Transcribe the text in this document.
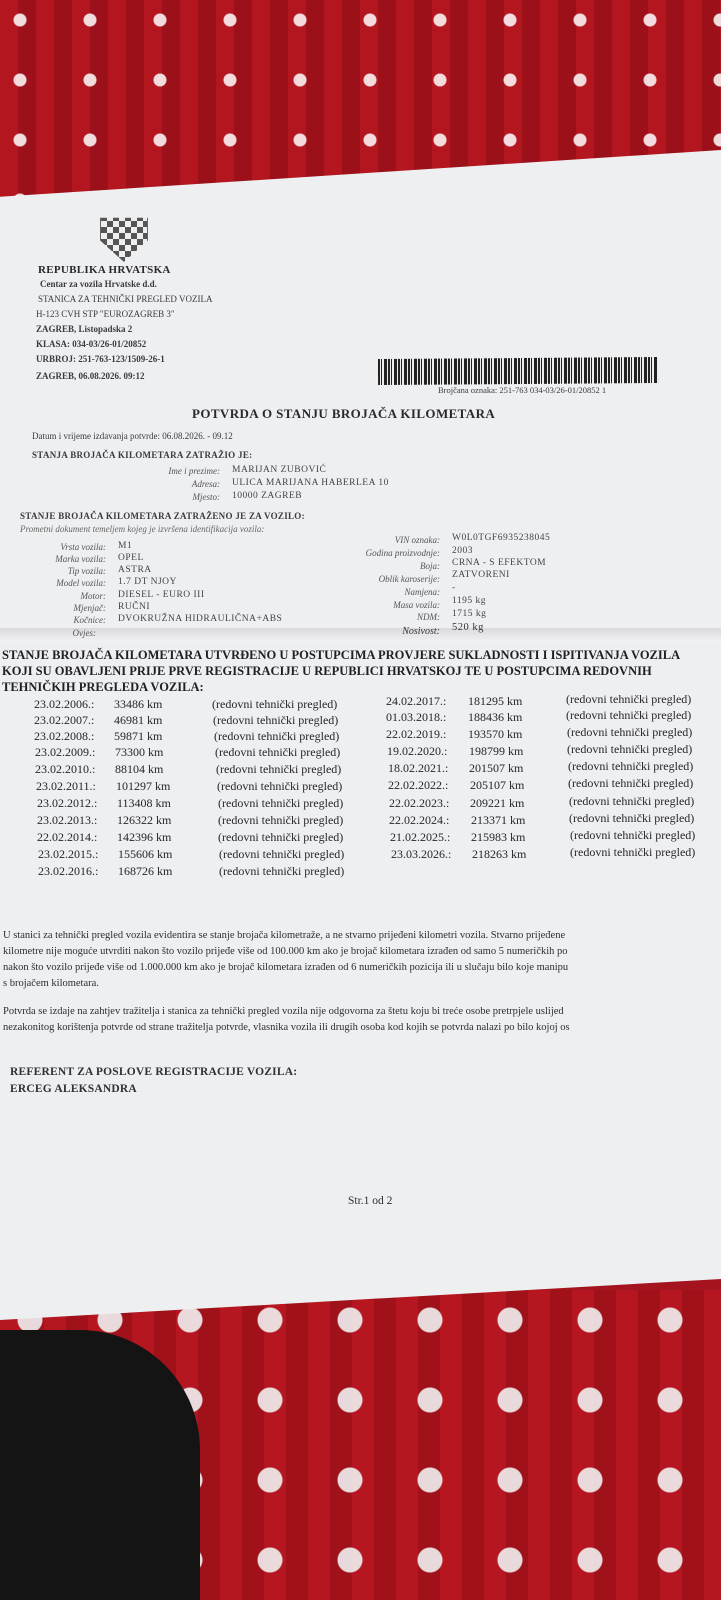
REPUBLIKA HRVATSKA
Centar za vozila Hrvatske d.d.
STANICA ZA TEHNIČKI PREGLED VOZILA
H-123 CVH STP "EUROZAGREB 3"
ZAGREB, Listopadska 2
KLASA: 034-03/26-01/20852
URBROJ: 251-763-123/1509-26-1
ZAGREB, 06.08.2026. 09:12
Brojčana oznaka: 251-763 034-03/26-01/20852 1
POTVRDA O STANJU BROJAČA KILOMETARA
Datum i vrijeme izdavanja potvrde: 06.08.2026. - 09.12
STANJA BROJAČA KILOMETARA ZATRAŽIO JE:
Ime i prezime: MARIJAN ZUBOVIĆ
Adresa: ULICA MARIJANA HABERLEA 10
Mjesto: 10000 ZAGREB
STANJE BROJAČA KILOMETARA ZATRAŽENO JE ZA VOZILO:
Prometni dokument temeljem kojeg je izvršena identifikacija vozila:
Vrsta vozila: M1
Marka vozila: OPEL
Tip vozila: ASTRA
Model vozila: 1.7 DT NJOY
Motor: DIESEL - EURO III
Mjenjač: RUČNI
Kočnice: DVOKRUŽNA HIDRAULIČNA+ABS
Ovjes:
VIN oznaka: W0L0TGF6935238045
Godina proizvodnje: 2003
Boja: CRNA - S EFEKTOM
Oblik karoserije: ZATVORENI
Namjena: -
Masa vozila: 1195 kg
NDM: 1715 kg
Nosivost: 520 kg
STANJE BROJAČA KILOMETARA UTVRĐENO U POSTUPCIMA PROVJERE SUKLADNOSTI I ISPITIVANJA VOZILA
KOJI SU OBAVLJENI PRIJE PRVE REGISTRACIJE U REPUBLICI HRVATSKOJ TE U POSTUPCIMA REDOVNIH
TEHNIČKIH PREGLEDA VOZILA:
23.02.2006.: 33486 km	(redovni tehnički pregled)
23.02.2007.: 46981 km	(redovni tehnički pregled)
23.02.2008.: 59871 km	(redovni tehnički pregled)
23.02.2009.: 73300 km	(redovni tehnički pregled)
23.02.2010.: 88104 km	(redovni tehnički pregled)
23.02.2011.: 101297 km	(redovni tehnički pregled)
23.02.2012.: 113408 km	(redovni tehnički pregled)
23.02.2013.: 126322 km	(redovni tehnički pregled)
22.02.2014.: 142396 km	(redovni tehnički pregled)
23.02.2015.: 155606 km	(redovni tehnički pregled)
23.02.2016.: 168726 km	(redovni tehnički pregled)
24.02.2017.: 181295 km	(redovni tehnički pregled)
01.03.2018.: 188436 km	(redovni tehnički pregled)
22.02.2019.: 193570 km	(redovni tehnički pregled)
19.02.2020.: 198799 km	(redovni tehnički pregled)
18.02.2021.: 201507 km	(redovni tehnički pregled)
22.02.2022.: 205107 km	(redovni tehnički pregled)
22.02.2023.: 209221 km	(redovni tehnički pregled)
22.02.2024.: 213371 km	(redovni tehnički pregled)
21.02.2025.: 215983 km	(redovni tehnički pregled)
23.03.2026.: 218263 km	(redovni tehnički pregled)
U stanici za tehnički pregled vozila evidentira se stanje brojača kilometraže, a ne stvarno prijeđeni kilometri vozila. Stvarno prijeđene
kilometre nije moguće utvrditi nakon što vozilo prijeđe više od 100.000 km ako je brojač kilometara izrađen od samo 5 numeričkih po
nakon što vozilo prijeđe više od 1.000.000 km ako je brojač kilometara izrađen od 6 numeričkih pozicija ili u slučaju bilo koje manipu
s brojačem kilometara.
Potvrda se izdaje na zahtjev tražitelja i stanica za tehnički pregled vozila nije odgovorna za štetu koju bi treće osobe pretrpjele uslijed
nezakonitog korištenja potvrde od strane tražitelja potvrde, vlasnika vozila ili drugih osoba kod kojih se potvrda nalazi po bilo kojoj os
REFERENT ZA POSLOVE REGISTRACIJE VOZILA:
ERCEG ALEKSANDRA
Str.1 od 2
